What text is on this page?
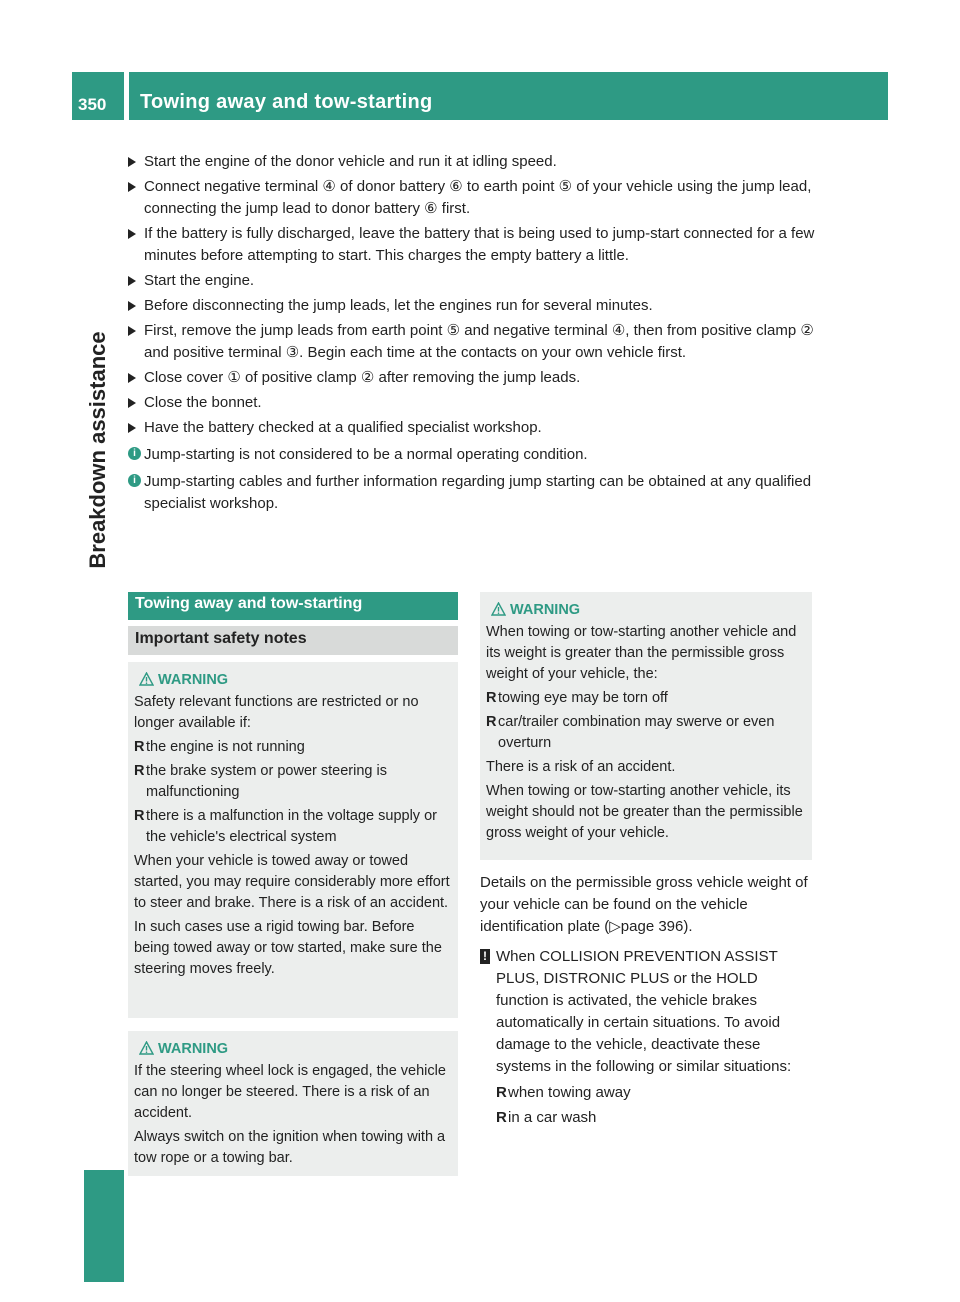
350 Towing away and tow-starting
Breakdown assistance
Start the engine of the donor vehicle and run it at idling speed.
Connect negative terminal ④ of donor battery ⑥ to earth point ⑤ of your vehicle using the jump lead, connecting the jump lead to donor battery ⑥ first.
If the battery is fully discharged, leave the battery that is being used to jump-start connected for a few minutes before attempting to start. This charges the empty battery a little.
Start the engine.
Before disconnecting the jump leads, let the engines run for several minutes.
First, remove the jump leads from earth point ⑤ and negative terminal ④, then from positive clamp ② and positive terminal ③. Begin each time at the contacts on your own vehicle first.
Close cover ① of positive clamp ② after removing the jump leads.
Close the bonnet.
Have the battery checked at a qualified specialist workshop.
i Jump-starting is not considered to be a normal operating condition.
i Jump-starting cables and further information regarding jump starting can be obtained at any qualified specialist workshop.
Towing away and tow-starting
Important safety notes
WARNING
Safety relevant functions are restricted or no longer available if:
R the engine is not running
R the brake system or power steering is malfunctioning
R there is a malfunction in the voltage supply or the vehicle's electrical system
When your vehicle is towed away or towed started, you may require considerably more effort to steer and brake. There is a risk of an accident.
In such cases use a rigid towing bar. Before being towed away or tow started, make sure the steering moves freely.
WARNING
If the steering wheel lock is engaged, the vehicle can no longer be steered. There is a risk of an accident.
Always switch on the ignition when towing with a tow rope or a towing bar.
WARNING
When towing or tow-starting another vehicle and its weight is greater than the permissible gross weight of your vehicle, the:
R towing eye may be torn off
R car/trailer combination may swerve or even overturn
There is a risk of an accident.
When towing or tow-starting another vehicle, its weight should not be greater than the permissible gross weight of your vehicle.
Details on the permissible gross vehicle weight of your vehicle can be found on the vehicle identification plate (▷page 396).
! When COLLISION PREVENTION ASSIST PLUS, DISTRONIC PLUS or the HOLD function is activated, the vehicle brakes automatically in certain situations. To avoid damage to the vehicle, deactivate these systems in the following or similar situations:
R when towing away
R in a car wash
